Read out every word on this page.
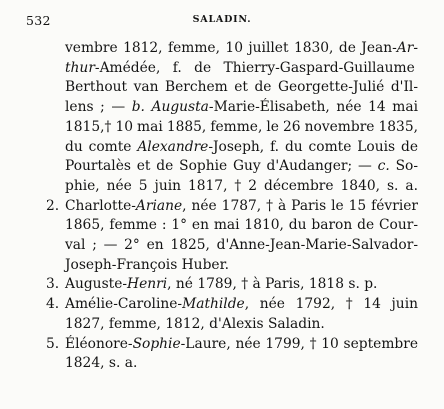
532	SALADIN.
vembre 1812, femme, 10 juillet 1830, de Jean-Ar-
thur-Amédée, f. de Thierry-Gaspard-Guillaume
Berthout van Berchem et de Georgette-Julié d'Il-
lens ; — b. Augusta-Marie-Élisabeth, née 14 mai
1815,† 10 mai 1885, femme, le 26 novembre 1835,
du comte Alexandre-Joseph, f. du comte Louis de
Pourtalès et de Sophie Guy d'Audanger; — c. So-
phie, née 5 juin 1817, † 2 décembre 1840, s. a.
2. Charlotte-Ariane, née 1787, † à Paris le 15 février
1865, femme : 1° en mai 1810, du baron de Cour-
val ; — 2° en 1825, d'Anne-Jean-Marie-Salvador-
Joseph-François Huber.
3. Auguste-Henri, né 1789, † à Paris, 1818 s. p.
4. Amélie-Caroline-Mathilde, née 1792, † 14 juin
1827, femme, 1812, d'Alexis Saladin.
5. Éléonore-Sophie-Laure, née 1799, † 10 septembre
1824, s. a.
